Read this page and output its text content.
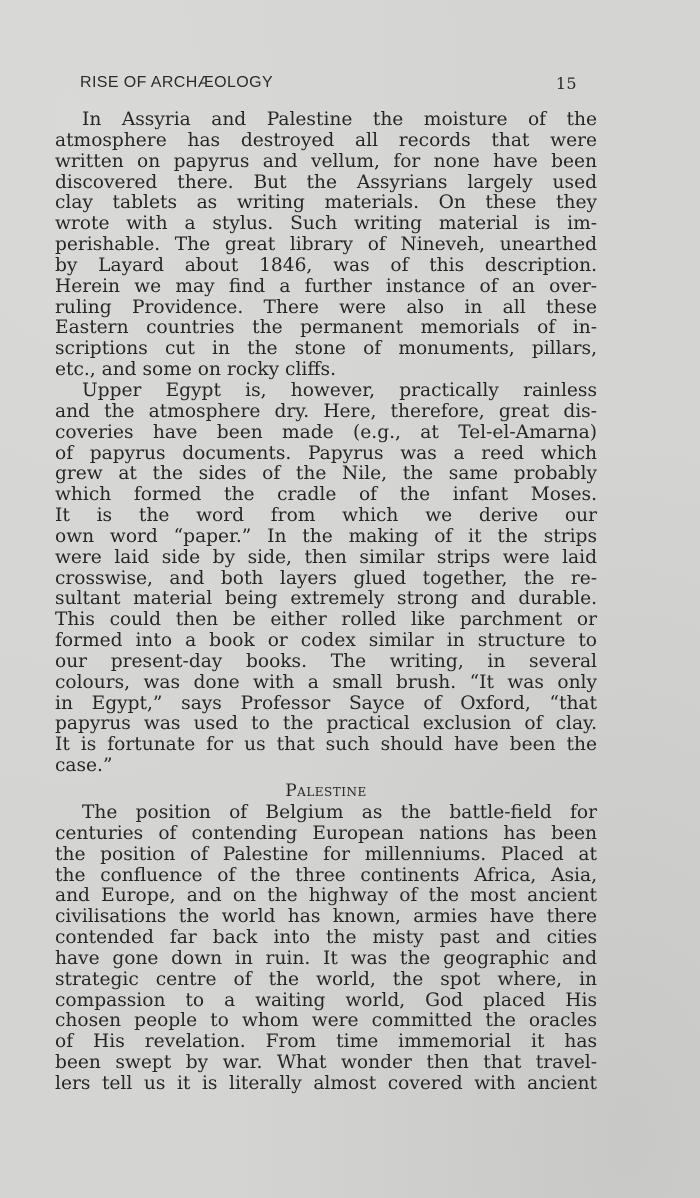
RISE OF ARCHÆOLOGY	15
In Assyria and Palestine the moisture of the
atmosphere has destroyed all records that were
written on papyrus and vellum, for none have been
discovered there. But the Assyrians largely used
clay tablets as writing materials. On these they
wrote with a stylus. Such writing material is im-
perishable. The great library of Nineveh, unearthed
by Layard about 1846, was of this description.
Herein we may find a further instance of an over-
ruling Providence. There were also in all these
Eastern countries the permanent memorials of in-
scriptions cut in the stone of monuments, pillars,
etc., and some on rocky cliffs.
Upper Egypt is, however, practically rainless
and the atmosphere dry. Here, therefore, great dis-
coveries have been made (e.g., at Tel-el-Amarna)
of papyrus documents. Papyrus was a reed which
grew at the sides of the Nile, the same probably
which formed the cradle of the infant Moses.
It is the word from which we derive our
own word “paper.” In the making of it the strips
were laid side by side, then similar strips were laid
crosswise, and both layers glued together, the re-
sultant material being extremely strong and durable.
This could then be either rolled like parchment or
formed into a book or codex similar in structure to
our present-day books. The writing, in several
colours, was done with a small brush. “It was only
in Egypt,” says Professor Sayce of Oxford, “that
papyrus was used to the practical exclusion of clay.
It is fortunate for us that such should have been the
case.”
Palestine
The position of Belgium as the battle-field for
centuries of contending European nations has been
the position of Palestine for millenniums. Placed at
the confluence of the three continents Africa, Asia,
and Europe, and on the highway of the most ancient
civilisations the world has known, armies have there
contended far back into the misty past and cities
have gone down in ruin. It was the geographic and
strategic centre of the world, the spot where, in
compassion to a waiting world, God placed His
chosen people to whom were committed the oracles
of His revelation. From time immemorial it has
been swept by war. What wonder then that travel-
lers tell us it is literally almost covered with ancient
